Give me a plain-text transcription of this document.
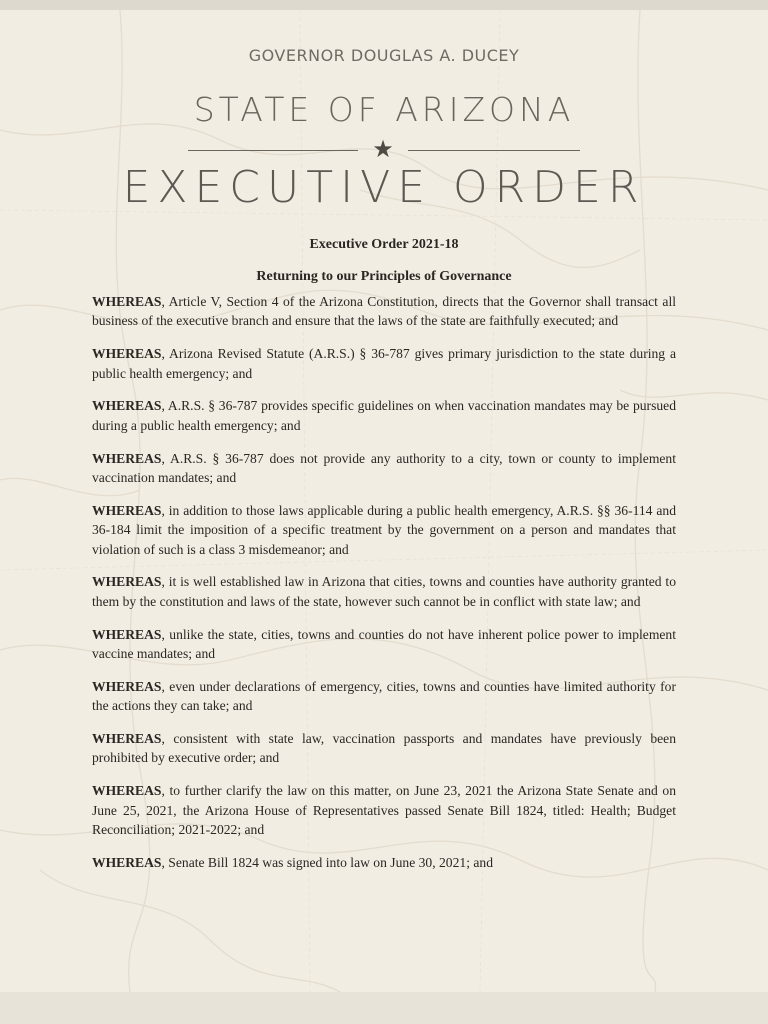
GOVERNOR DOUGLAS A. DUCEY
STATE OF ARIZONA
★
EXECUTIVE ORDER
Executive Order 2021-18
Returning to our Principles of Governance

WHEREAS, Article V, Section 4 of the Arizona Constitution, directs that the Governor shall transact all business of the executive branch and ensure that the laws of the state are faithfully executed; and

WHEREAS, Arizona Revised Statute (A.R.S.) § 36-787 gives primary jurisdiction to the state during a public health emergency; and

WHEREAS, A.R.S. § 36-787 provides specific guidelines on when vaccination mandates may be pursued during a public health emergency; and

WHEREAS, A.R.S. § 36-787 does not provide any authority to a city, town or county to implement vaccination mandates; and

WHEREAS, in addition to those laws applicable during a public health emergency, A.R.S. §§ 36-114 and 36-184 limit the imposition of a specific treatment by the government on a person and mandates that violation of such is a class 3 misdemeanor; and

WHEREAS, it is well established law in Arizona that cities, towns and counties have authority granted to them by the constitution and laws of the state, however such cannot be in conflict with state law; and

WHEREAS, unlike the state, cities, towns and counties do not have inherent police power to implement vaccine mandates; and

WHEREAS, even under declarations of emergency, cities, towns and counties have limited authority for the actions they can take; and

WHEREAS, consistent with state law, vaccination passports and mandates have previously been prohibited by executive order; and

WHEREAS, to further clarify the law on this matter, on June 23, 2021 the Arizona State Senate and on June 25, 2021, the Arizona House of Representatives passed Senate Bill 1824, titled: Health; Budget Reconciliation; 2021-2022; and

WHEREAS, Senate Bill 1824 was signed into law on June 30, 2021; and
